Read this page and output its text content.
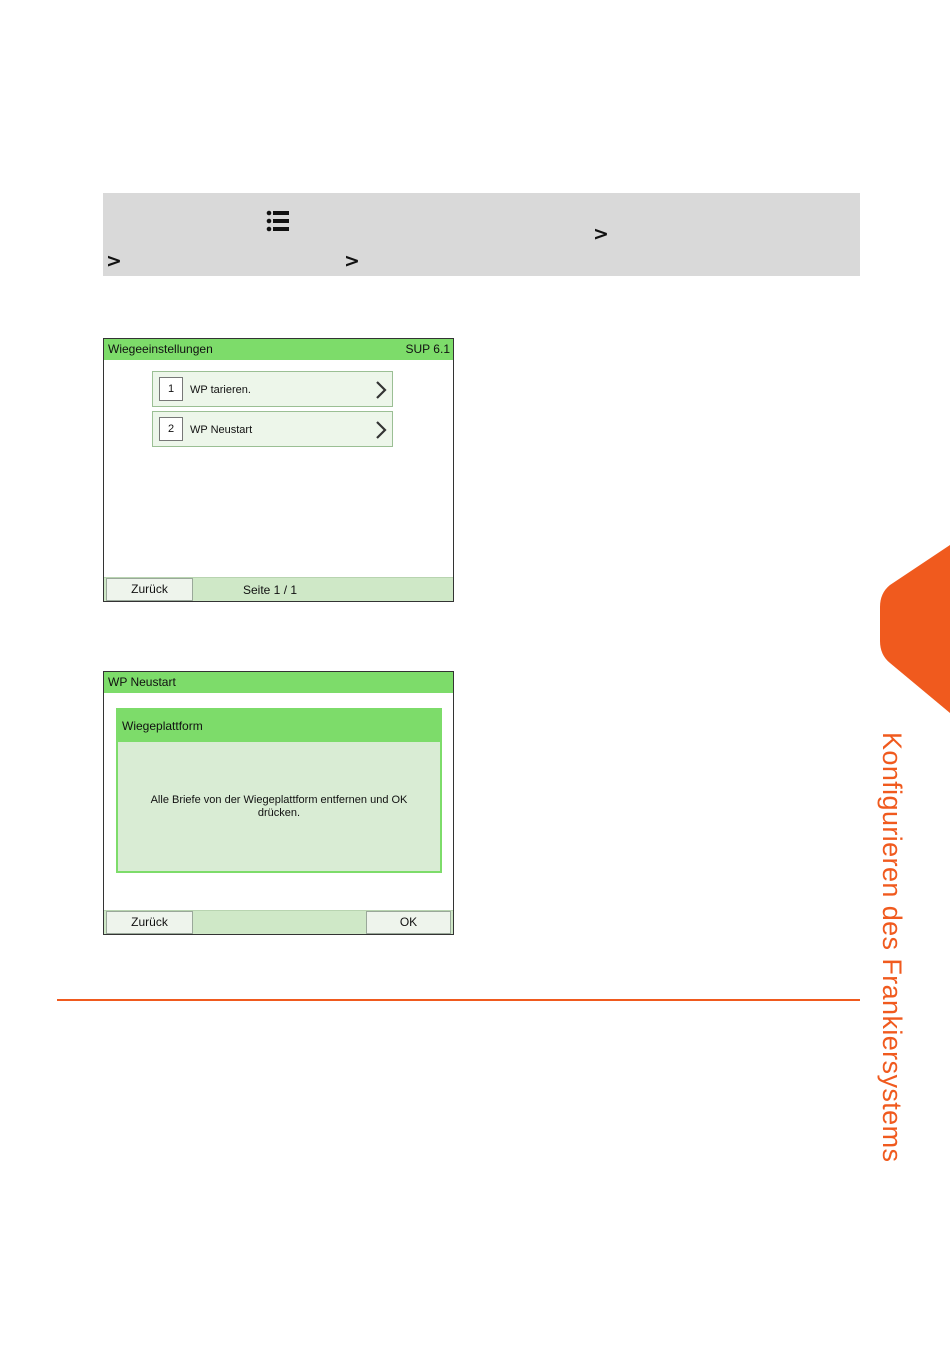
>
>	>
Wiegeeinstellungen	SUP 6.1
1	WP tarieren.
2	WP Neustart
Zurück	Seite 1 / 1
WP Neustart
Wiegeplattform
Alle Briefe von der Wiegeplattform entfernen und OK drücken.
Zurück	OK	Konfigurieren des Frankiersystems
